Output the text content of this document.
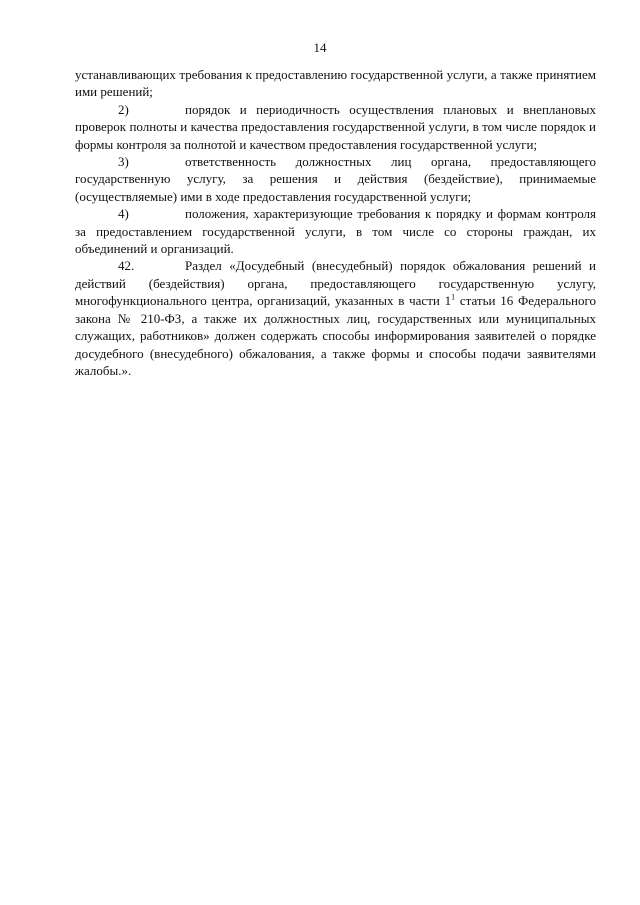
14

устанавливающих требования к предоставлению государственной услуги, а также принятием ими решений;

2)	порядок и периодичность осуществления плановых и внеплановых проверок полноты и качества предоставления государственной услуги, в том числе порядок и формы контроля за полнотой и качеством предоставления государственной услуги;

3)	ответственность должностных лиц органа, предоставляющего государственную услугу, за решения и действия (бездействие), принимаемые (осуществляемые) ими в ходе предоставления государственной услуги;

4)	положения, характеризующие требования к порядку и формам контроля за предоставлением государственной услуги, в том числе со стороны граждан, их объединений и организаций.

42.	Раздел «Досудебный (внесудебный) порядок обжалования решений и действий (бездействия) органа, предоставляющего государственную услугу, многофункционального центра, организаций, указанных в части $1^1$ статьи 16 Федерального закона № 210-ФЗ, а также их должностных лиц, государственных или муниципальных служащих, работников» должен содержать способы информирования заявителей о порядке досудебного (внесудебного) обжалования, а также формы и способы подачи заявителями жалобы.».
